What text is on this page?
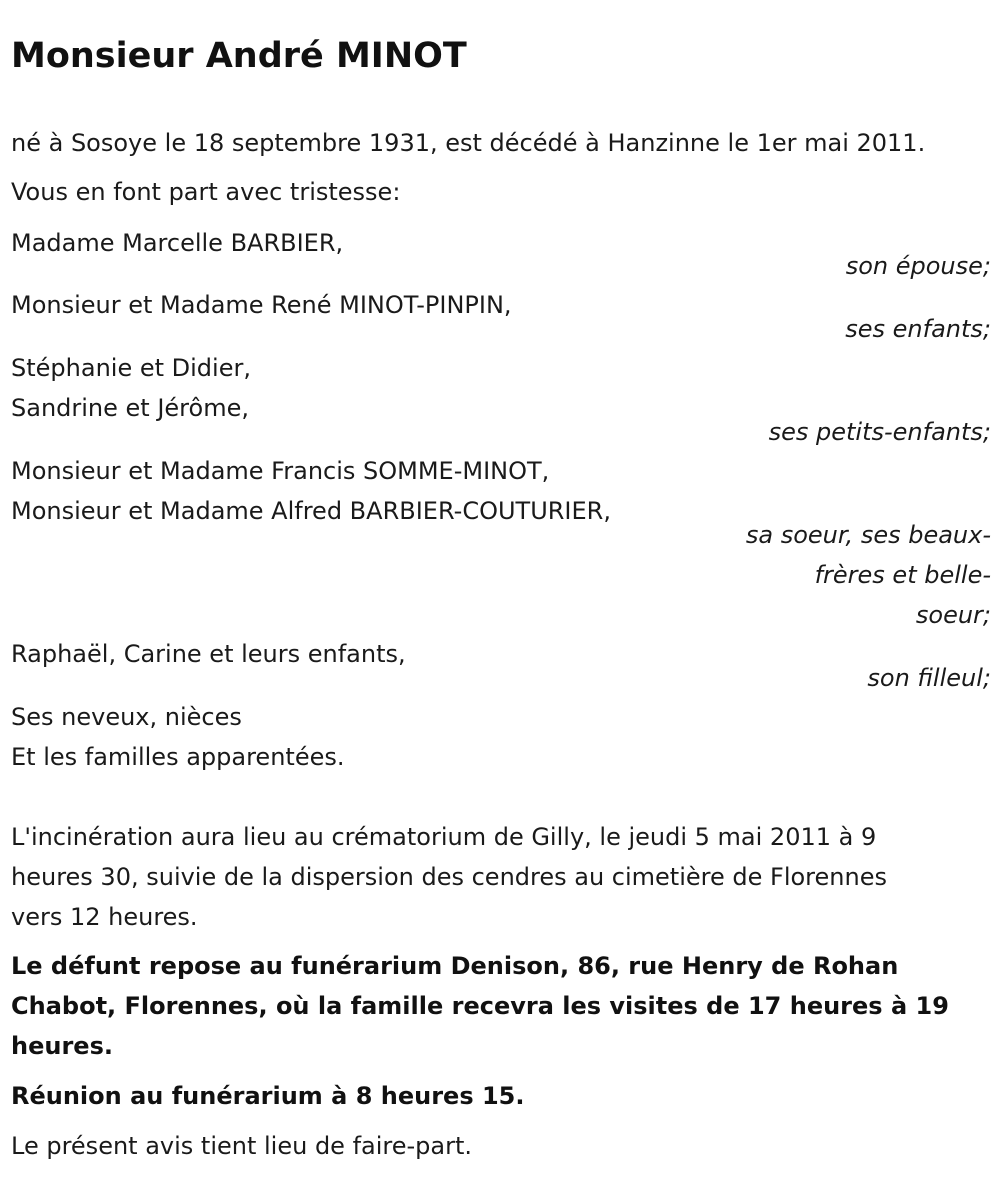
Monsieur André MINOT
né à Sosoye le 18 septembre 1931, est décédé à Hanzinne le 1er mai 2011.
Vous en font part avec tristesse:
Madame Marcelle BARBIER,
son épouse;
Monsieur et Madame René MINOT-PINPIN,
ses enfants;
Stéphanie et Didier,
Sandrine et Jérôme,
ses petits-enfants;
Monsieur et Madame Francis SOMME-MINOT,
Monsieur et Madame Alfred BARBIER-COUTURIER,
sa soeur, ses beaux-
frères et belle-
soeur;
Raphaël, Carine et leurs enfants,
son filleul;
Ses neveux, nièces
Et les familles apparentées.
L'incinération aura lieu au crématorium de Gilly, le jeudi 5 mai 2011 à 9
heures 30, suivie de la dispersion des cendres au cimetière de Florennes
vers 12 heures.
Le défunt repose au funérarium Denison, 86, rue Henry de Rohan
Chabot, Florennes, où la famille recevra les visites de 17 heures à 19
heures.
Réunion au funérarium à 8 heures 15.
Le présent avis tient lieu de faire-part.
